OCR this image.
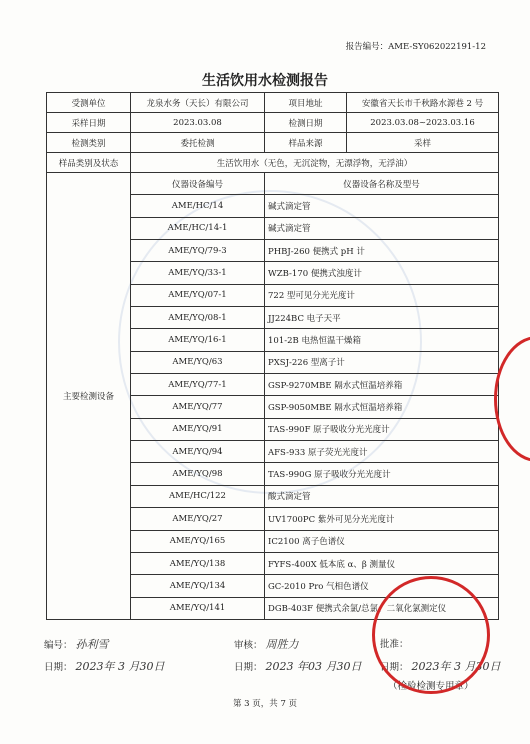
报告编号：AME-SY062022191-12
生活饮用水检测报告
受测单位	龙泉水务（天长）有限公司	项目地址	安徽省天长市千秋路水源巷 2 号
采样日期	2023.03.08	检测日期	2023.03.08~2023.03.16
检测类别	委托检测	样品来源	采样
样品类别及状态	生活饮用水（无色，无沉淀物，无漂浮物，无浮油）		
主要检测设备	仪器设备编号	仪器设备名称及型号	
	AME/HC/14	碱式滴定管	
	AME/HC/14-1	碱式滴定管	
	AME/YQ/79-3	PHBJ-260 便携式 pH 计	
	AME/YQ/33-1	WZB-170 便携式浊度计	
	AME/YQ/07-1	722 型可见分光光度计	
	AME/YQ/08-1	JJ224BC 电子天平	
	AME/YQ/16-1	101-2B 电热恒温干燥箱	
	AME/YQ/63	PXSJ-226 型离子计	
	AME/YQ/77-1	GSP-9270MBE 隔水式恒温培养箱	
	AME/YQ/77	GSP-9050MBE 隔水式恒温培养箱	
	AME/YQ/91	TAS-990F 原子吸收分光光度计	
	AME/YQ/94	AFS-933 原子荧光光度计	
	AME/YQ/98	TAS-990G 原子吸收分光光度计	
	AME/HC/122	酸式滴定管	
	AME/YQ/27	UV1700PC 紫外可见分光光度计	
	AME/YQ/165	IC2100 离子色谱仪	
	AME/YQ/138	FYFS-400X 低本底 α、β 测量仪	
	AME/YQ/134	GC-2010 Pro 气相色谱仪	
	AME/YQ/141	DGB-403F 便携式余氯/总氯、二氧化氯测定仪	
编号： 孙利雪
日期： 2023年 3 月30日
审核： 周胜力
日期： 2023 年03 月30日
批准：
日期： 2023年 3 月30日
（检验检测专用章）
第 3 页，共 7 页
